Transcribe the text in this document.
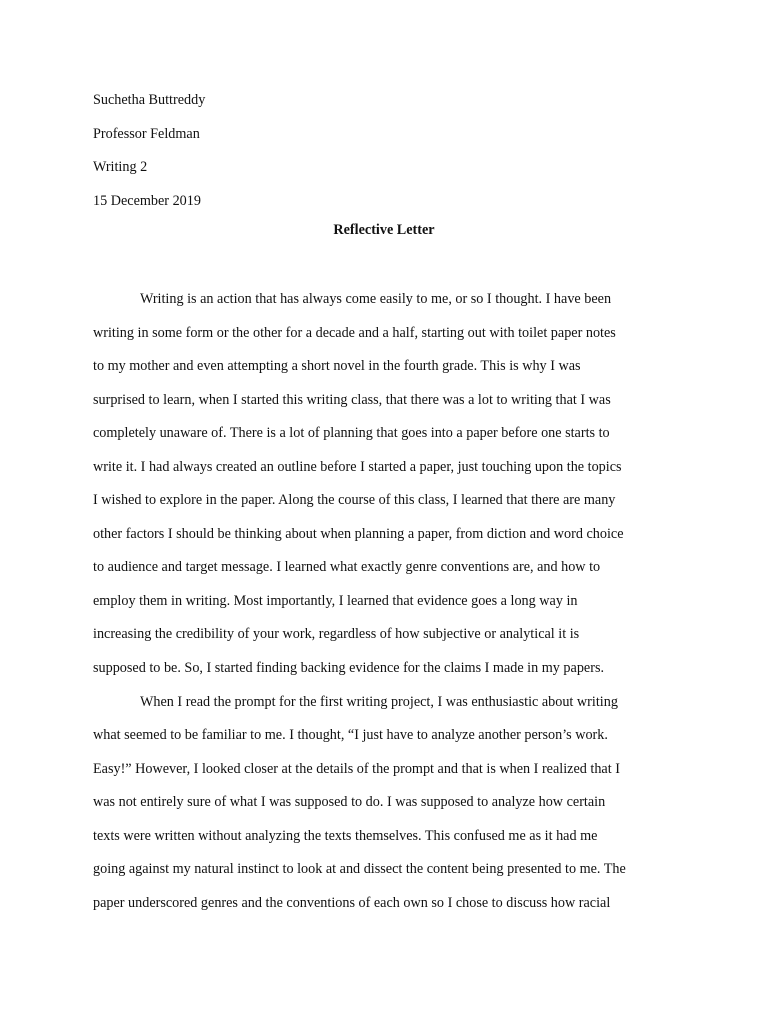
Suchetha Buttreddy
Professor Feldman
Writing 2
15 December 2019
Reflective Letter
Writing is an action that has always come easily to me, or so I thought. I have been
writing in some form or the other for a decade and a half, starting out with toilet paper notes
to my mother and even attempting a short novel in the fourth grade. This is why I was
surprised to learn, when I started this writing class, that there was a lot to writing that I was
completely unaware of. There is a lot of planning that goes into a paper before one starts to
write it. I had always created an outline before I started a paper, just touching upon the topics
I wished to explore in the paper. Along the course of this class, I learned that there are many
other factors I should be thinking about when planning a paper, from diction and word choice
to audience and target message. I learned what exactly genre conventions are, and how to
employ them in writing. Most importantly, I learned that evidence goes a long way in
increasing the credibility of your work, regardless of how subjective or analytical it is
supposed to be. So, I started finding backing evidence for the claims I made in my papers.
When I read the prompt for the first writing project, I was enthusiastic about writing
what seemed to be familiar to me. I thought, “I just have to analyze another person’s work.
Easy!” However, I looked closer at the details of the prompt and that is when I realized that I
was not entirely sure of what I was supposed to do. I was supposed to analyze how certain
texts were written without analyzing the texts themselves. This confused me as it had me
going against my natural instinct to look at and dissect the content being presented to me. The
paper underscored genres and the conventions of each own so I chose to discuss how racial
